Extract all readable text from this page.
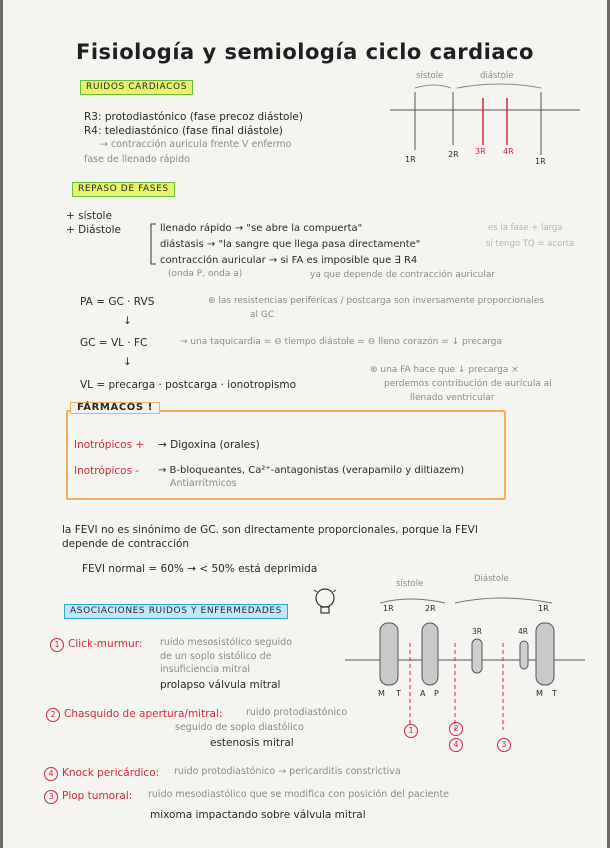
Fisiología y semiología ciclo cardiaco
RUIDOS CARDIACOS
R3: protodiastónico (fase precoz diástole)
R4: telediastónico (fase final diástole)
→ contracción auricula frente V enfermo
fase de llenado rápido
sístole	diástole
1R
2R 3R 4R
1R
REPASO DE FASES
+ sístole
+ Diástole	llenado rápido → "se abre la compuerta"
diástasis → "la sangre que llega pasa directamente"
contracción auricular → si FA es imposible que ∃ R4
(onda P, onda a)	ya que depende de contracción auricular
es la fase + larga
si tengo TQ = acorta
PA = GC · RVS	⊛ las resistencias periféricas / postcarga son inversamente proporcionales
al GC
↓
GC = VL · FC	→ una taquicardia = ⊖ tiempo diástole = ⊖ lleno corazón = ↓ precarga
↓
VL = precarga · postcarga · ionotropismo
⊛ una FA hace que ↓ precarga ×
perdemos contribución de aurícula al
llenado ventricular
FÁRMACOS !
Inotrópicos + → Digoxina (orales)
Inotrópicos - → B-bloqueantes, Ca²⁺-antagonistas (verapamilo y diltiazem)
Antiarrítmicos
la FEVI no es sinónimo de GC. son directamente proporcionales, porque la FEVI
depende de contracción
FEVI normal = 60% → < 50% está deprimida
ASOCIACIONES RUIDOS Y ENFERMEDADES
1 Click-murmur: ruido mesosistólico seguido
de un soplo sistólico de
insuficiencia mitral
prolapso válvula mitral
2 Chasquido de apertura/mitral: ruido protodiastónico
seguido de soplo diastólico
estenosis mitral
4 Knock pericárdico: ruido protodiastónico → pericarditis constrictiva
3 Plop tumoral: ruido mesodiastólico que se modifica con posición del paciente
mixoma impactando sobre válvula mitral
sístole	Diástole
1R	2R
3R	4R
1R
M T A P	M T
1	2
4	3
